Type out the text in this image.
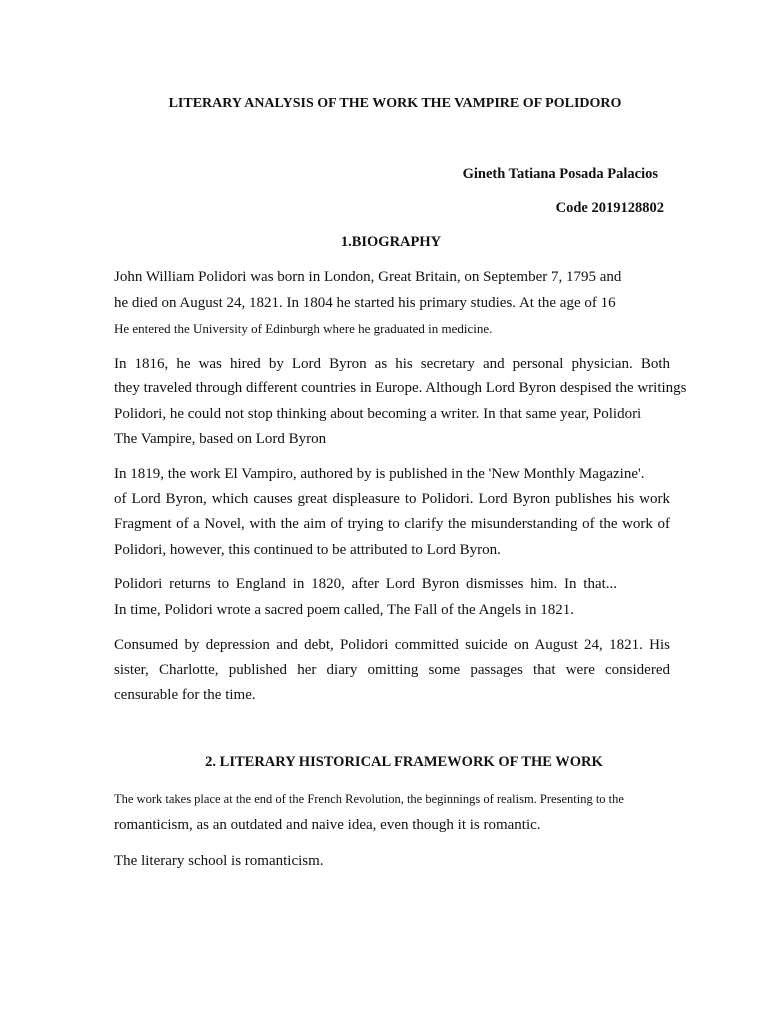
LITERARY ANALYSIS OF THE WORK THE VAMPIRE OF POLIDORO

Gineth Tatiana Posada Palacios

Code 2019128802

1.BIOGRAPHY

John William Polidori was born in London, Great Britain, on September 7, 1795 and

he died on August 24, 1821. In 1804 he started his primary studies. At the age of 16

He entered the University of Edinburgh where he graduated in medicine.

In 1816, he was hired by Lord Byron as his secretary and personal physician. Both

they traveled through different countries in Europe. Although Lord Byron despised the writings

Polidori, he could not stop thinking about becoming a writer. In that same year, Polidori

The Vampire, based on Lord Byron

In 1819, the work El Vampiro, authored by is published in the 'New Monthly Magazine'.

of Lord Byron, which causes great displeasure to Polidori. Lord Byron publishes his work

Fragment of a Novel, with the aim of trying to clarify the misunderstanding of the work of

Polidori, however, this continued to be attributed to Lord Byron.

Polidori returns to England in 1820, after Lord Byron dismisses him. In that...

In time, Polidori wrote a sacred poem called, The Fall of the Angels in 1821.

Consumed by depression and debt, Polidori committed suicide on August 24, 1821. His

sister, Charlotte, published her diary omitting some passages that were considered

censurable for the time.

2. LITERARY HISTORICAL FRAMEWORK OF THE WORK

The work takes place at the end of the French Revolution, the beginnings of realism. Presenting to the

romanticism, as an outdated and naive idea, even though it is romantic.

The literary school is romanticism.
